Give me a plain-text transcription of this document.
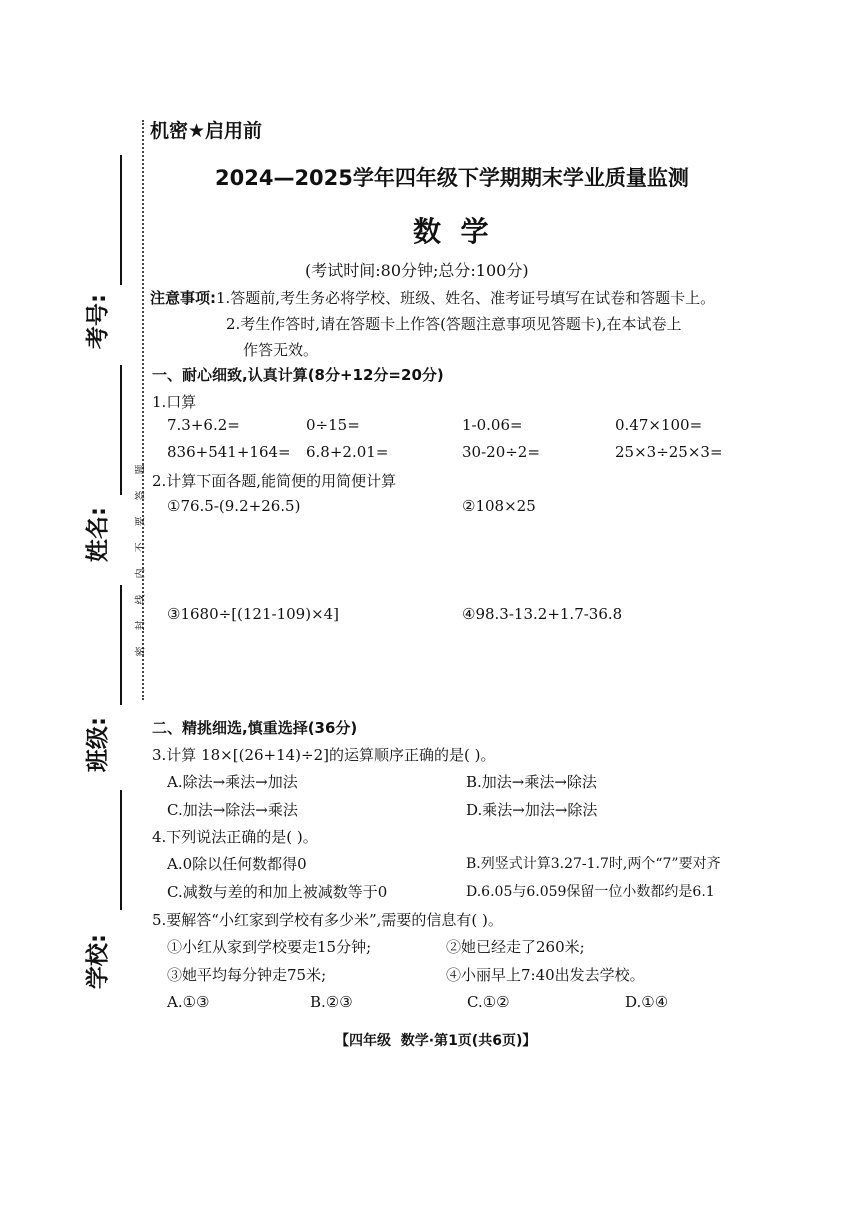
考号:
姓名:
班级:
学校:
题
答
要
不
内
线
封
密
机密★启用前
2024—2025学年四年级下学期期末学业质量监测
数  学
(考试时间:80分钟;总分:100分)
注意事项:1.答题前,考生务必将学校、班级、姓名、准考证号填写在试卷和答题卡上。
2.考生作答时,请在答题卡上作答(答题注意事项见答题卡),在本试卷上
作答无效。
一、耐心细致,认真计算(8分+12分=20分)
1.口算
7.3+6.2=	0÷15=	1-0.06=	0.47×100=
836+541+164= 6.8+2.01=	30-20÷2=	25×3÷25×3=
2.计算下面各题,能简便的用简便计算
①76.5-(9.2+26.5)	②108×25
③1680÷[(121-109)×4]	④98.3-13.2+1.7-36.8
二、精挑细选,慎重选择(36分)
3.计算 18×[(26+14)÷2]的运算顺序正确的是( )。
A.除法→乘法→加法	B.加法→乘法→除法
C.加法→除法→乘法	D.乘法→加法→除法
4.下列说法正确的是( )。
A.0除以任何数都得0	B.列竖式计算3.27-1.7时,两个“7”要对齐
C.减数与差的和加上被减数等于0	D.6.05与6.059保留一位小数都约是6.1
5.要解答“小红家到学校有多少米”,需要的信息有( )。
①小红从家到学校要走15分钟;	②她已经走了260米;
③她平均每分钟走75米;	④小丽早上7:40出发去学校。
A.①③	B.②③	C.①②	D.①④
【四年级  数学·第1页(共6页)】
